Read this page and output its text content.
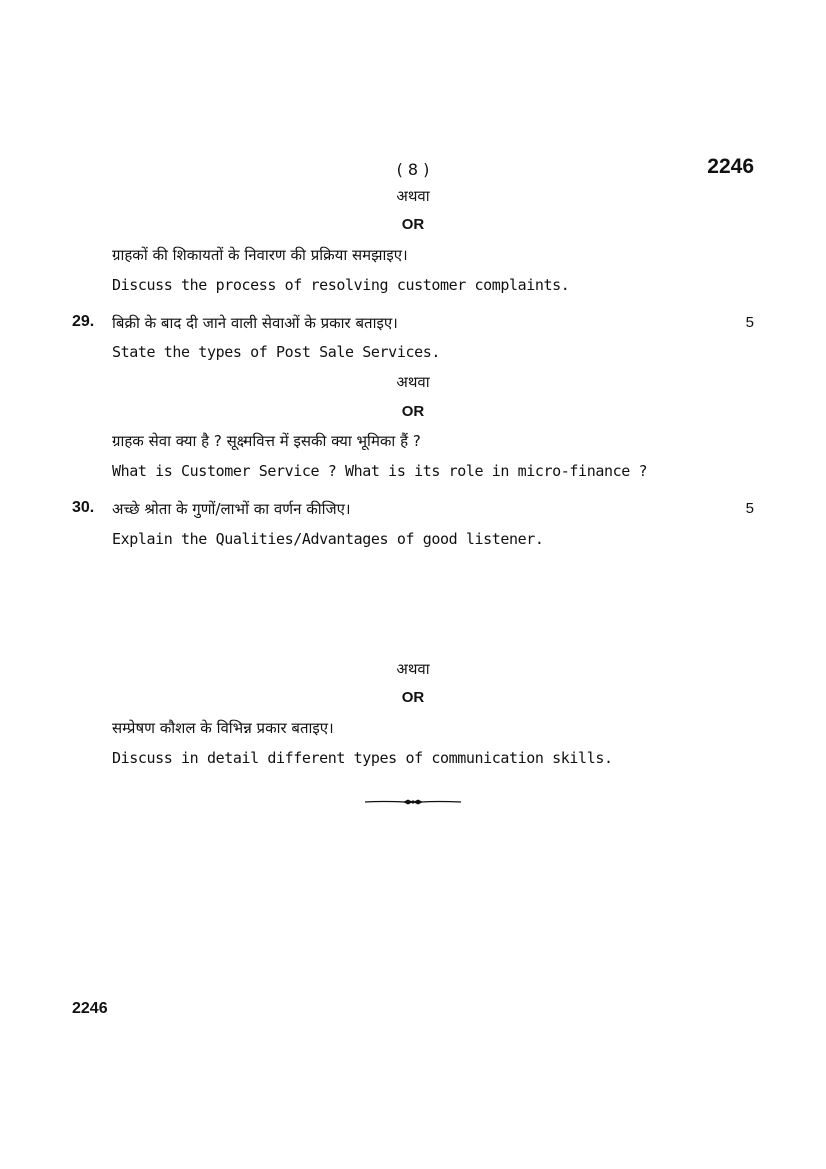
( 8 )	2246
अथवा
OR
ग्राहकों की शिकायतों के निवारण की प्रक्रिया समझाइए।
Discuss the process of resolving customer complaints.
29. बिक्री के बाद दी जाने वाली सेवाओं के प्रकार बताइए।	5
State the types of Post Sale Services.
अथवा
OR
ग्राहक सेवा क्या है ? सूक्ष्मवित्त में इसकी क्या भूमिका हैं ?
What is Customer Service ? What is its role in micro-finance ?
30. अच्छे श्रोता के गुणों/लाभों का वर्णन कीजिए।	5
Explain the Qualities/Advantages of good listener.
अथवा
OR
सम्प्रेषण कौशल के विभिन्न प्रकार बताइए।
Discuss in detail different types of communication skills.
2246
